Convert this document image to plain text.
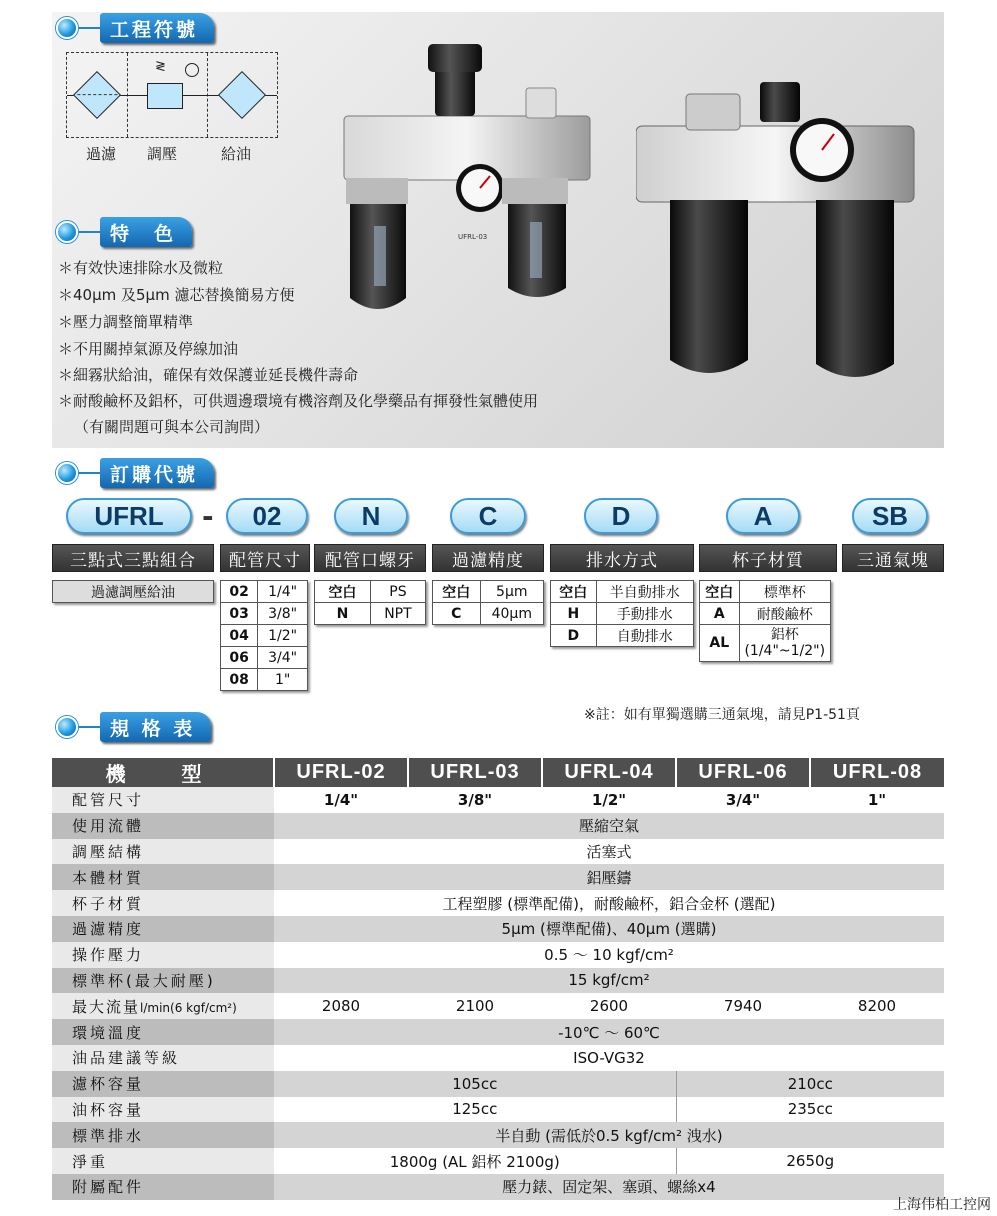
工程符號
≷
過濾 調壓	給油
特　色
＊有效快速排除水及微粒
＊40μm 及5μm 濾芯替換簡易方便
＊壓力調整簡單精準
＊不用關掉氣源及停線加油
＊細霧狀給油，確保有效保護並延長機件壽命
＊耐酸鹼杯及鋁杯，可供週邊環境有機溶劑及化學藥品有揮發性氣體使用
（有關問題可與本公司詢問）
UFRL-03
訂購代號
UFRL	-	02	N	C	D	A	SB
三點式三點組合	配管尺寸	配管口螺牙	過濾精度	排水方式	杯子材質	三通氣塊
過濾調壓給油	02	1/4"
03	3/8"
04	1/2"
06	3/4"
08	1"
空白	PS
N	NPT
空白	5μm
C	40μm
空白	半自動排水
H	手動排水
D	自動排水
空白	標準杯
A	耐酸鹼杯
AL	鋁杯
(1/4"~1/2")
※註：如有單獨選購三通氣塊，請見P1-51頁
規 格 表
機　型	UFRL-02	UFRL-03	UFRL-04	UFRL-06	UFRL-08
配管尺寸	1/4"	3/8"	1/2"	3/4"	1"
使用流體	壓縮空氣				
調壓結構	活塞式				
本體材質	鋁壓鑄				
杯子材質	工程塑膠 (標準配備)，耐酸鹼杯，鋁合金杯 (選配)				
過濾精度	5μm (標準配備)、40μm (選購)				
操作壓力	0.5 ～ 10 kgf/cm²				
標準杯(最大耐壓)	15 kgf/cm²				
最大流量l/min(6 kgf/cm²)	2080	2100	2600	7940	8200
環境溫度	-10℃ ～ 60℃				
油品建議等級	ISO-VG32				
濾杯容量	105cc			210cc	
油杯容量	125cc			235cc	
標準排水	半自動 (需低於0.5 kgf/cm² 洩水)				
淨重	1800g (AL 鋁杯 2100g)			2650g	
附屬配件	壓力錶、固定架、塞頭、螺絲x4				
上海伟柏工控网
